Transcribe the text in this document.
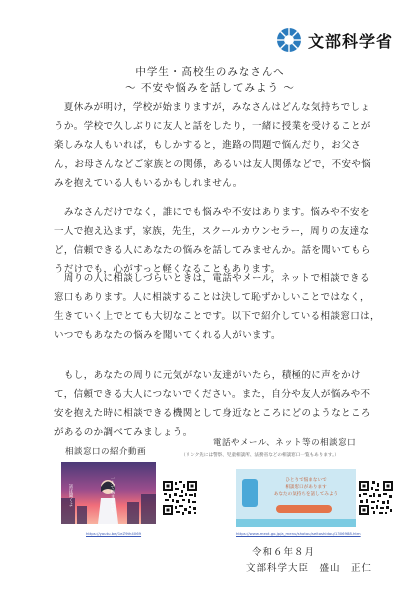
文部科学省
中学生・高校生のみなさんへ
〜 不安や悩みを話してみよう 〜

　夏休みが明け，学校が始まりますが，みなさんはどんな気持ちでしょ
うか。学校で久しぶりに友人と話をしたり，一緒に授業を受けることが
楽しみな人もいれば，もしかすると，進路の問題で悩んだり，お父さ
ん，お母さんなどご家族との関係，あるいは友人関係などで，不安や悩
みを抱えている人もいるかもしれません。

　みなさんだけでなく，誰にでも悩みや不安はあります。悩みや不安を
一人で抱え込まず，家族，先生，スクールカウンセラー，周りの友達な
ど，信頼できる人にあなたの悩みを話してみませんか。話を聞いてもら
うだけでも，心がすっと軽くなることもあります。

　周りの人に相談しづらいときは，電話やメール，ネットで相談できる
窓口もあります。人に相談することは決して恥ずかしいことではなく，
生きていく上でとても大切なことです。以下で紹介している相談窓口は，
いつでもあなたの悩みを聞いてくれる人がいます。

　もし，あなたの周りに元気がない友達がいたら，積極的に声をかけ
て，信頼できる大人につないでください。また，自分や友人が悩みや不
安を抱えた時に相談できる機関として身近なところにどのようなところ
があるのか調べてみましょう。

相談窓口の紹介動画
電話やメール、ネット等の相談窓口
（リンク先には警察、児童相談所、法務省などの相談窓口一覧もあります。）
話は聞くよ	一人で悩まないで	ひとりで悩まないで
相談窓口があります
あなたの気持ちを話してみよう
https://youtu.be/1eZ9th4069	https://www.mext.go.jp/a_menu/shotou/seitoshidou/1306988.htm
令和６年８月
文部科学大臣　盛山　正仁
